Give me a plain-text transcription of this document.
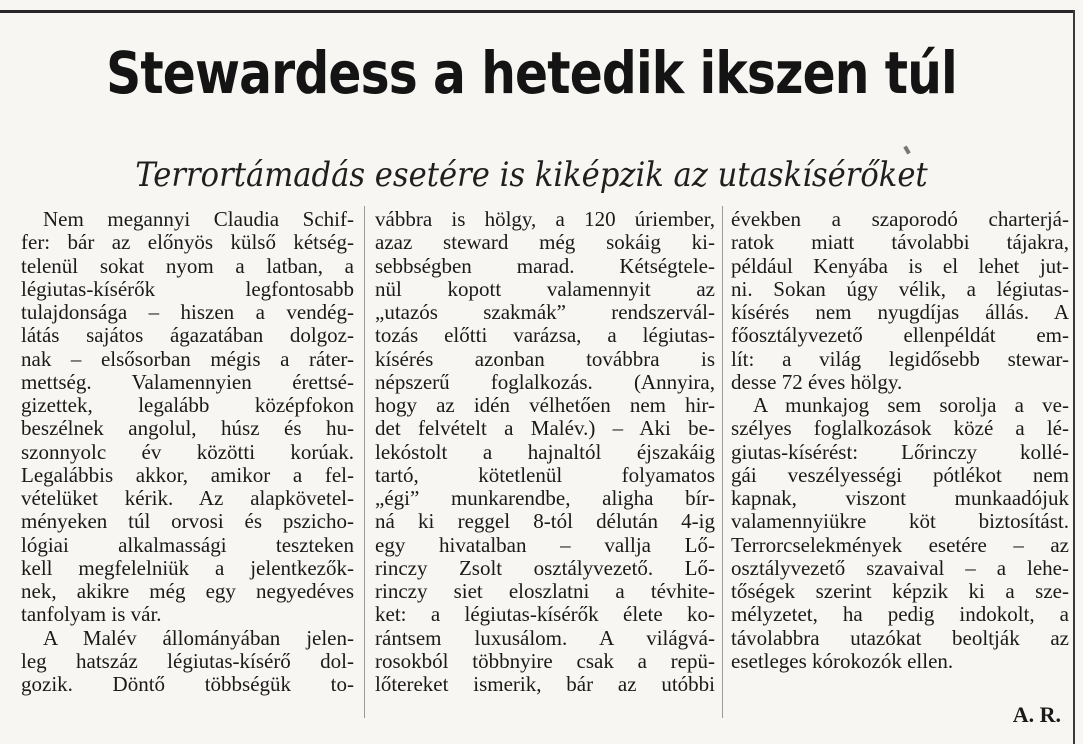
Stewardess a hetedik ikszen túl
Terrortámadás esetére is kiképzik az utaskísérőket
Nem megannyi Claudia Schif-
fer: bár az előnyös külső kétség-
telenül sokat nyom a latban, a
légiutas-kísérők legfontosabb
tulajdonsága – hiszen a vendég-
látás sajátos ágazatában dolgoz-
nak – elsősorban mégis a ráter-
mettség. Valamennyien érettsé-
gizettek, legalább középfokon
beszélnek angolul, húsz és hu-
szonnyolc év közötti korúak.
Legalábbis akkor, amikor a fel-
vételüket kérik. Az alapkövetel-
ményeken túl orvosi és pszicho-
lógiai alkalmassági teszteken
kell megfelelniük a jelentkezők-
nek, akikre még egy negyedéves
tanfolyam is vár.
A Malév állományában jelen-
leg hatszáz légiutas-kísérő dol-
gozik. Döntő többségük to-
vábbra is hölgy, a 120 úriember,
azaz steward még sokáig ki-
sebbségben marad. Kétségtele-
nül kopott valamennyit az
„utazós szakmák” rendszervál-
tozás előtti varázsa, a légiutas-
kísérés azonban továbbra is
népszerű foglalkozás. (Annyira,
hogy az idén vélhetően nem hir-
det felvételt a Malév.) – Aki be-
lekóstolt a hajnaltól éjszakáig
tartó, kötetlenül folyamatos
„égi” munkarendbe, aligha bír-
ná ki reggel 8-tól délután 4-ig
egy hivatalban – vallja Lő-
rinczy Zsolt osztályvezető. Lő-
rinczy siet eloszlatni a tévhite-
ket: a légiutas-kísérők élete ko-
rántsem luxusálom. A világvá-
rosokból többnyire csak a repü-
lőtereket ismerik, bár az utóbbi
években a szaporodó charterjá-
ratok miatt távolabbi tájakra,
például Kenyába is el lehet jut-
ni. Sokan úgy vélik, a légiutas-
kísérés nem nyugdíjas állás. A
főosztályvezető ellenpéldát em-
lít: a világ legidősebb stewar-
desse 72 éves hölgy.
A munkajog sem sorolja a ve-
szélyes foglalkozások közé a lé-
giutas-kísérést: Lőrinczy kollé-
gái veszélyességi pótlékot nem
kapnak, viszont munkaadójuk
valamennyiükre köt biztosítást.
Terrorcselekmények esetére – az
osztályvezető szavaival – a lehe-
tőségek szerint képzik ki a sze-
mélyzetet, ha pedig indokolt, a
távolabbra utazókat beoltják az
esetleges kórokozók ellen.
A. R.
